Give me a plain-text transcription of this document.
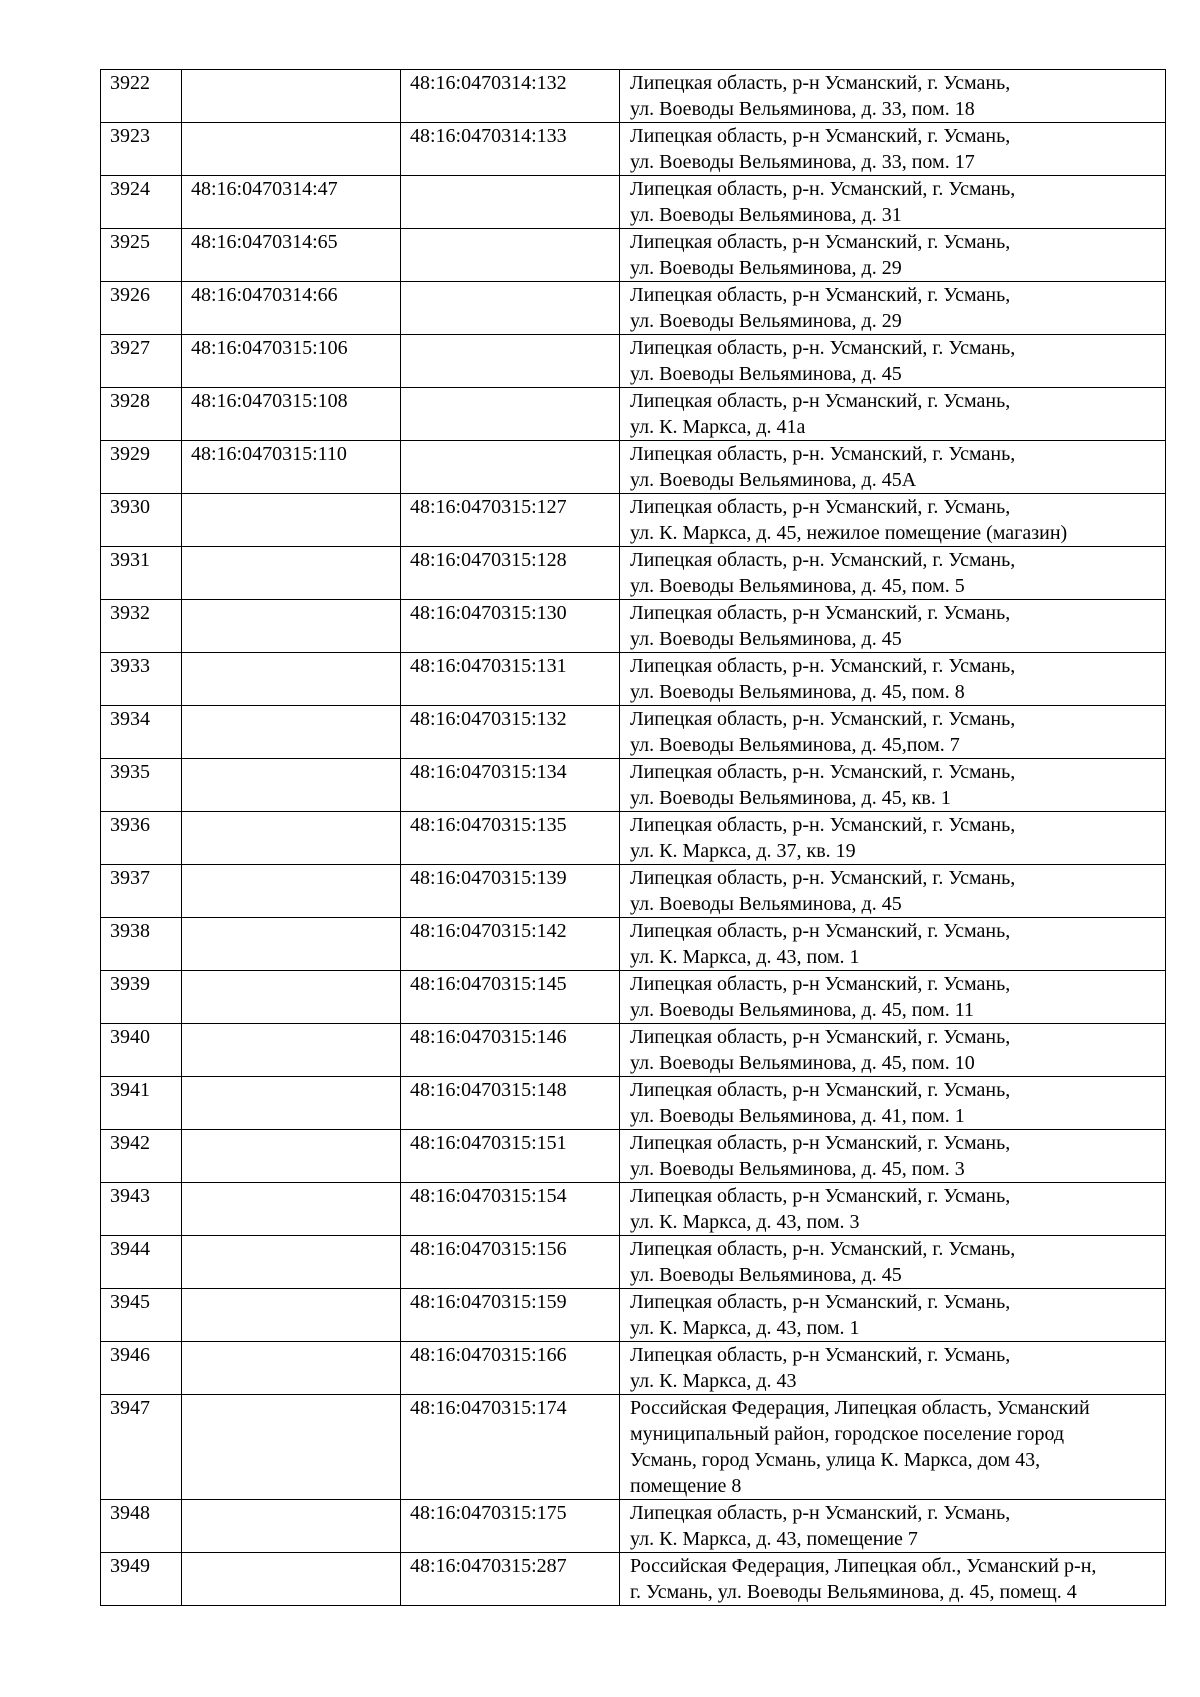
3922		48:16:0470314:132	Липецкая область, р-н Усманский, г. Усмань,
ул. Воеводы Вельяминова, д. 33, пом. 18

3923		48:16:0470314:133	Липецкая область, р-н Усманский, г. Усмань,
ул. Воеводы Вельяминова, д. 33, пом. 17

3924	48:16:0470314:47		Липецкая область, р-н. Усманский, г. Усмань,
ул. Воеводы Вельяминова, д. 31

3925	48:16:0470314:65		Липецкая область, р-н Усманский, г. Усмань,
ул. Воеводы Вельяминова, д. 29

3926	48:16:0470314:66		Липецкая область, р-н Усманский, г. Усмань,
ул. Воеводы Вельяминова, д. 29

3927	48:16:0470315:106		Липецкая область, р-н. Усманский, г. Усмань,
ул. Воеводы Вельяминова, д. 45

3928	48:16:0470315:108		Липецкая область, р-н Усманский, г. Усмань,
ул. К. Маркса, д. 41а

3929	48:16:0470315:110		Липецкая область, р-н. Усманский, г. Усмань,
ул. Воеводы Вельяминова, д. 45А

3930		48:16:0470315:127	Липецкая область, р-н Усманский, г. Усмань,
ул. К. Маркса, д. 45, нежилое помещение (магазин)

3931		48:16:0470315:128	Липецкая область, р-н. Усманский, г. Усмань,
ул. Воеводы Вельяминова, д. 45, пом. 5

3932		48:16:0470315:130	Липецкая область, р-н Усманский, г. Усмань,
ул. Воеводы Вельяминова, д. 45

3933		48:16:0470315:131	Липецкая область, р-н. Усманский, г. Усмань,
ул. Воеводы Вельяминова, д. 45, пом. 8

3934		48:16:0470315:132	Липецкая область, р-н. Усманский, г. Усмань,
ул. Воеводы Вельяминова, д. 45,пом. 7

3935		48:16:0470315:134	Липецкая область, р-н. Усманский, г. Усмань,
ул. Воеводы Вельяминова, д. 45, кв. 1

3936		48:16:0470315:135	Липецкая область, р-н. Усманский, г. Усмань,
ул. К. Маркса, д. 37, кв. 19

3937		48:16:0470315:139	Липецкая область, р-н. Усманский, г. Усмань,
ул. Воеводы Вельяминова, д. 45

3938		48:16:0470315:142	Липецкая область, р-н Усманский, г. Усмань,
ул. К. Маркса, д. 43, пом. 1

3939		48:16:0470315:145	Липецкая область, р-н Усманский, г. Усмань,
ул. Воеводы Вельяминова, д. 45, пом. 11

3940		48:16:0470315:146	Липецкая область, р-н Усманский, г. Усмань,
ул. Воеводы Вельяминова, д. 45, пом. 10

3941		48:16:0470315:148	Липецкая область, р-н Усманский, г. Усмань,
ул. Воеводы Вельяминова, д. 41, пом. 1

3942		48:16:0470315:151	Липецкая область, р-н Усманский, г. Усмань,
ул. Воеводы Вельяминова, д. 45, пом. 3

3943		48:16:0470315:154	Липецкая область, р-н Усманский, г. Усмань,
ул. К. Маркса, д. 43, пом. 3

3944		48:16:0470315:156	Липецкая область, р-н. Усманский, г. Усмань,
ул. Воеводы Вельяминова, д. 45

3945		48:16:0470315:159	Липецкая область, р-н Усманский, г. Усмань,
ул. К. Маркса, д. 43, пом. 1

3946		48:16:0470315:166	Липецкая область, р-н Усманский, г. Усмань,
ул. К. Маркса, д. 43

3947		48:16:0470315:174	Российская Федерация, Липецкая область, Усманский
муниципальный район, городское поселение город
Усмань, город Усмань, улица К. Маркса, дом 43,
помещение 8

3948		48:16:0470315:175	Липецкая область, р-н Усманский, г. Усмань,
ул. К. Маркса, д. 43, помещение 7

3949		48:16:0470315:287	Российская Федерация, Липецкая обл., Усманский р-н,
г. Усмань, ул. Воеводы Вельяминова, д. 45, помещ. 4
